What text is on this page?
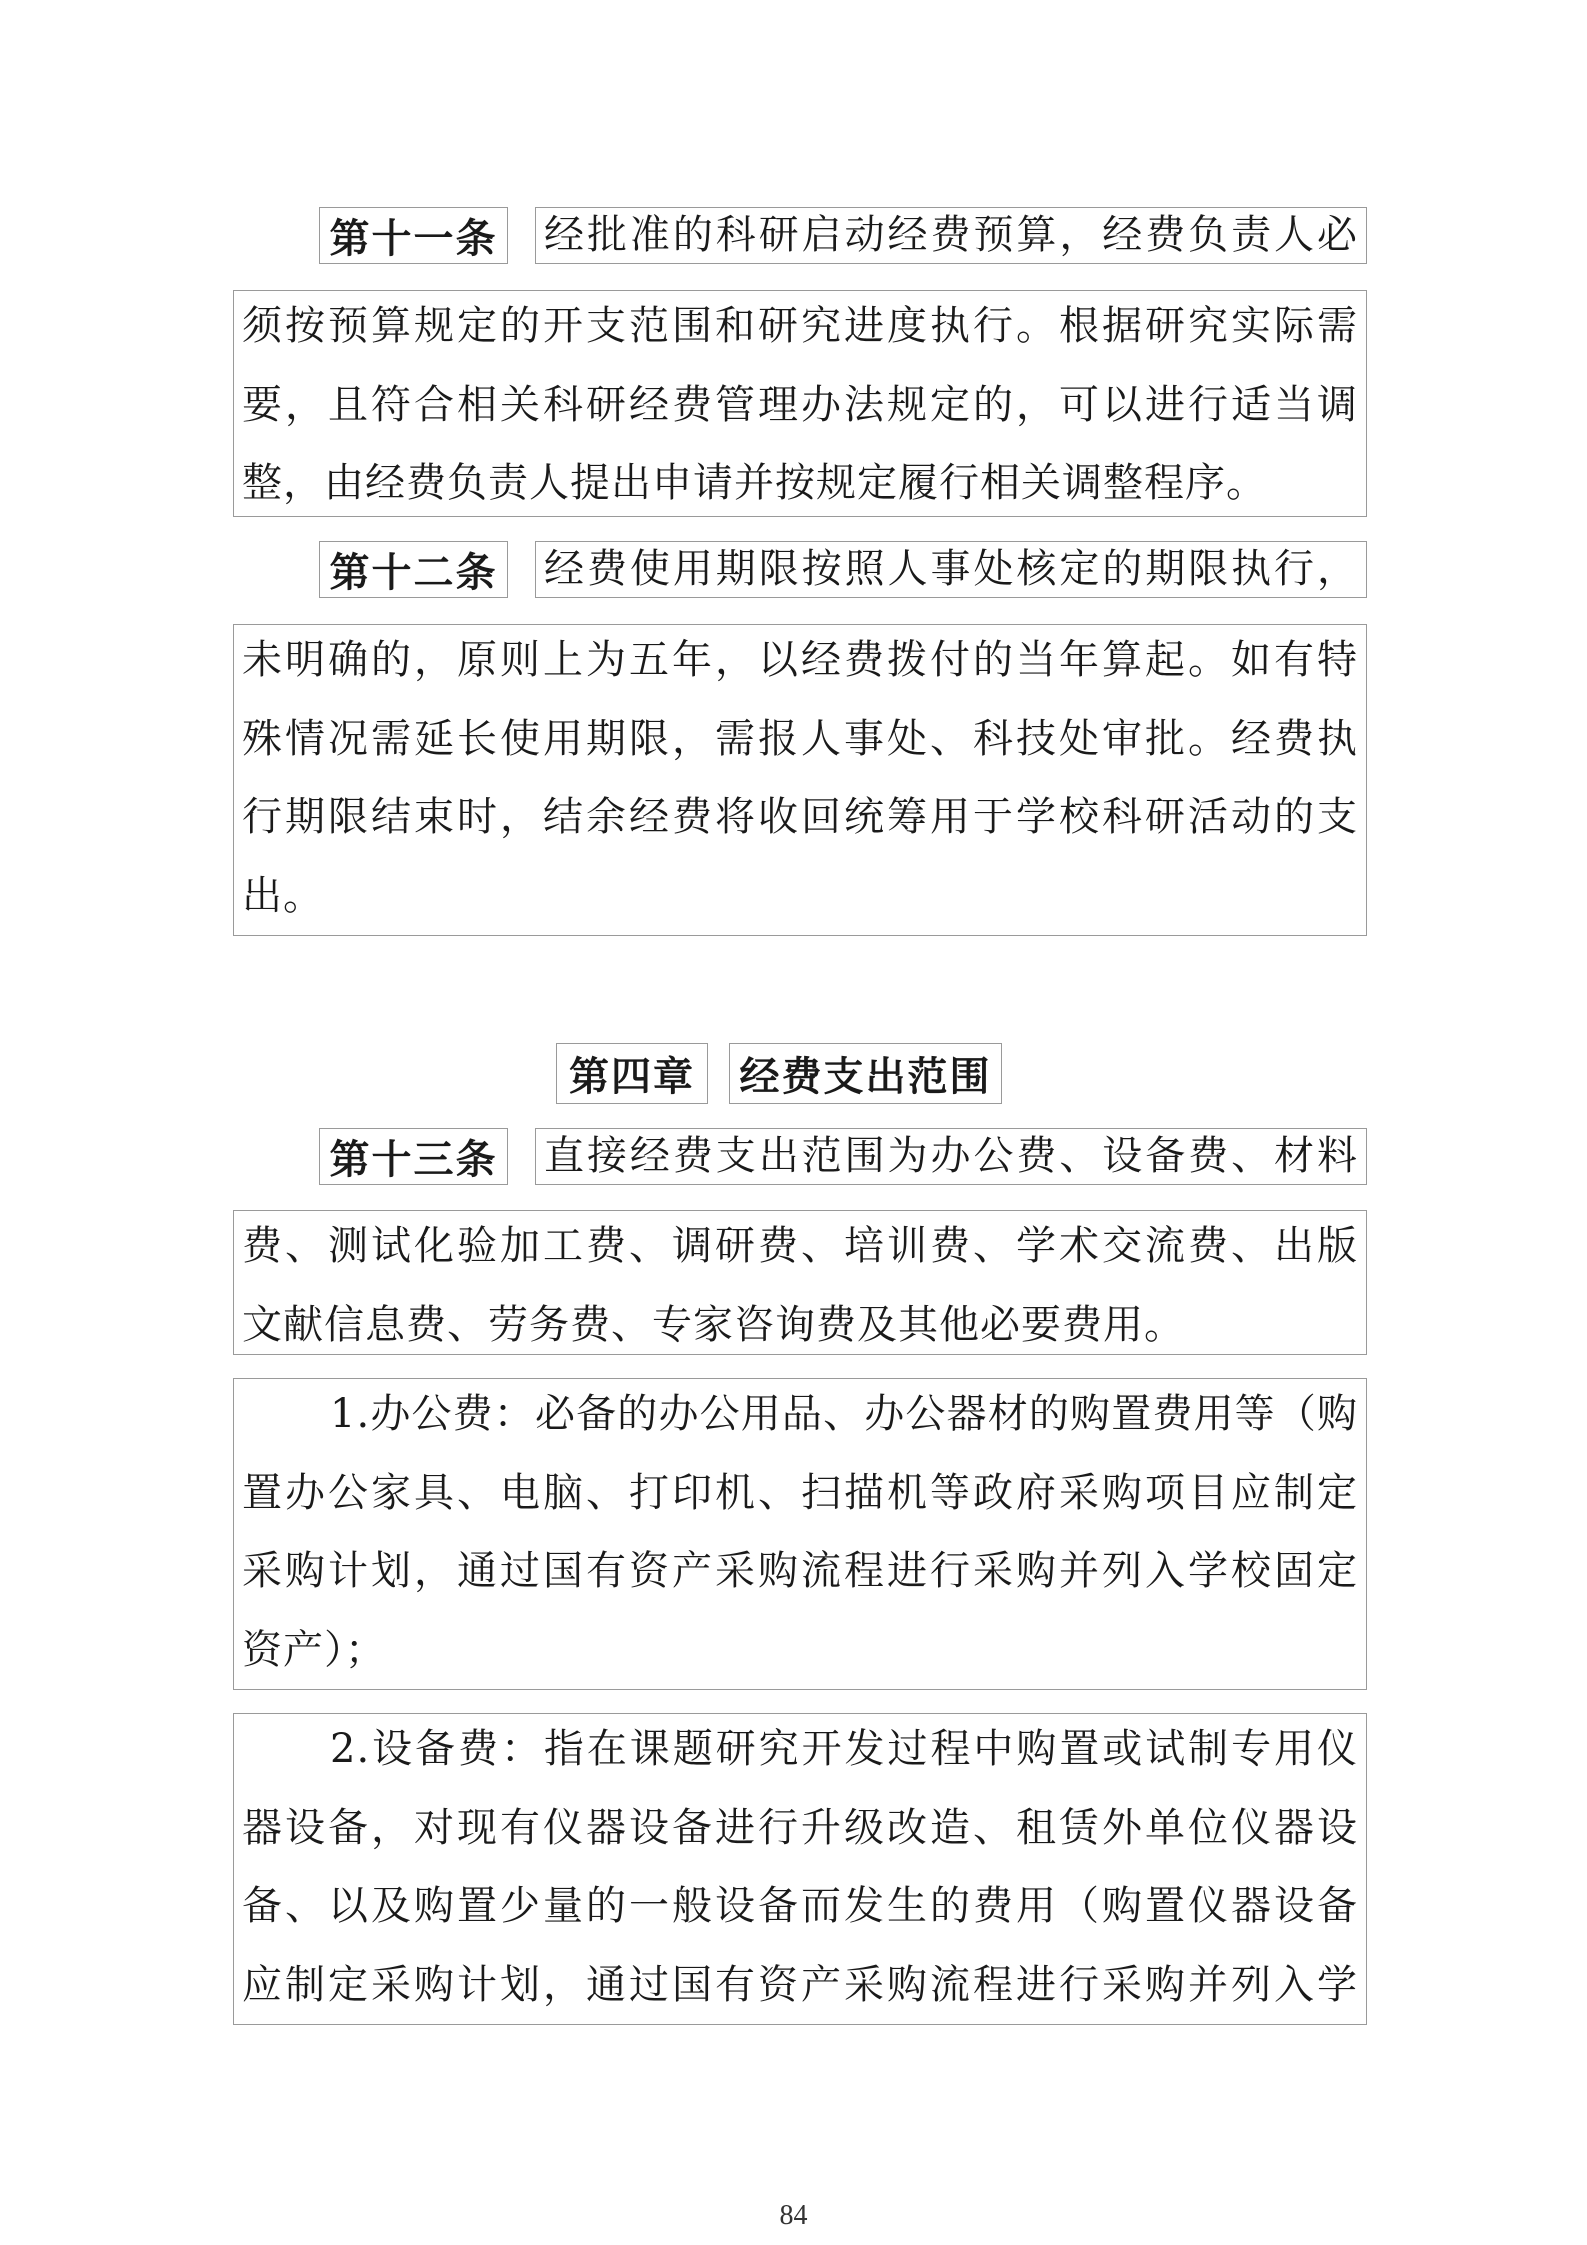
第十一条 经批准的科研启动经费预算，经费负责人必
须按预算规定的开支范围和研究进度执行。根据研究实际需
要，且符合相关科研经费管理办法规定的，可以进行适当调
整，由经费负责人提出申请并按规定履行相关调整程序。
第十二条 经费使用期限按照人事处核定的期限执行，
未明确的，原则上为五年，以经费拨付的当年算起。如有特
殊情况需延长使用期限，需报人事处、科技处审批。经费执
行期限结束时，结余经费将收回统筹用于学校科研活动的支
出。
第四章	经费支出范围
第十三条 直接经费支出范围为办公费、设备费、材料
费、测试化验加工费、调研费、培训费、学术交流费、出版
文献信息费、劳务费、专家咨询费及其他必要费用。
1.办公费：必备的办公用品、办公器材的购置费用等（购
置办公家具、电脑、打印机、扫描机等政府采购项目应制定
采购计划，通过国有资产采购流程进行采购并列入学校固定
资产）；
2.设备费：指在课题研究开发过程中购置或试制专用仪
器设备，对现有仪器设备进行升级改造、租赁外单位仪器设
备、以及购置少量的一般设备而发生的费用（购置仪器设备
应制定采购计划，通过国有资产采购流程进行采购并列入学
84
